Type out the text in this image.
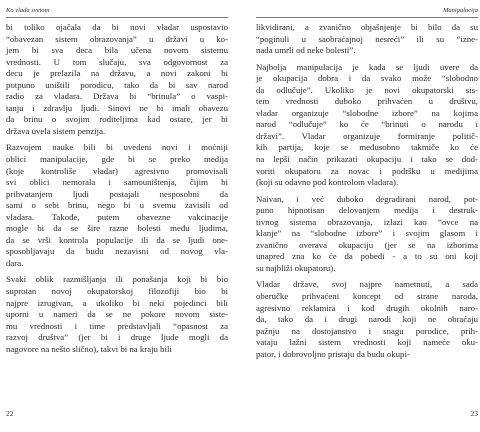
Ko vlada svetom
bi toliko ojačala da bi novi vladar uspostavio
“obavezan sistem obrazovanja” u državi u ko-
jem bi sva deca bila učena novom sistemu
vrednosti. U tom slučaju, sva odgovornost za
decu je prelazila na državu, a novi zakoni bi
potpuno uništili porodicu, tako da bi sav narod
radio za vladara. Država bi “brinula” o vaspi-
tanju i zdravlju ljudi. Sinovi ne bi imali obavezu
da brinu o svojim roditeljima kad ostare, jer bi
država uvela sistem penzija.
Razvojem nauke bili bi uvedeni novi i moćniji
oblici manipulacije, gde bi se preko medija
(koje kontroliše vladar) agresivno promovisali
svi oblici nemorala i samouništenja, čijim bi
prihvatanjem ljudi postajali nesposobni da
sami o sebi brinu, nego bi u svemu zavisili od
vladara. Takođe, putem obavezne vakcinacije
mogle bi da se šire razne bolesti među ljudima,
da se vrši kontrola populacije ili da se ljudi one-
sposobljavaju da budu nezavisni od novog vla-
dara.
Svaki oblik razmišljanja ili ponašanja koji bi bio
suprotan novoj okupatorskoj filozofiji bio bi
najpre izrugivan, a ukoliko bi neki pojedinci bili
uporni u nameri da se ne pokore novom siste-
mu vrednosti i time predstavljali “opasnost za
razvoj društva” (jer bi i druge ljude mogli da
nagovore na nešto slično), takvi bi na kraju bili
22
Manipulacija
likvidirani, a zvanično objašnjenje bi bilo da su
“poginuli u saobraćajnoj nesreći” ili su “izne-
nada umrli od neke bolesti”.
Najbolja manipulacija je kada se ljudi uvere da
je okupacija dobra i da svako može “slobodno
da odlučuje”. Ukoliko je novi okupatorski sis-
tem vrednosti duboko prihvaćen u društvu,
vladar organizuje “slobodne izbore” na kojima
narod “odlučuje” ko će “brinuti o narodu i
državi”. Vladar organizuje formiranje politič-
kih partija, koje se međusobno takmiče ko će
na lepši način prikazati okupaciju i tako se dod-
voriti okupatoru za novac i podršku u medijima
(koji su odavno pod kontrolom vladara).
Naivan, i već duboko degradirani narod, pot-
puno hipnotisan delovanjem medija i destruk-
tivnog sistema obrazovanja, izlazi kao “ovce na
klanje” na “slobodne izbore” i svojim glasom i
zvanično overava okupaciju (jer se na izborima
unapred zna ko će da pobedi - a to su oni koji
su najbliži okupatoru).
Vladar države, svoj najpre nametnuti, a sada
oberučke prihvaćeni koncept od strane naroda,
agresivno reklamira i kod drugih okolnih naro-
da, tako da i drugi narodi koji ne obraćaju
pažnju na dostojanstvo i snagu porodice, prih-
vataju lažni sistem vrednosti koji nameće oku-
pator, i dobrovoljno pristaju da budu okupi-
23
